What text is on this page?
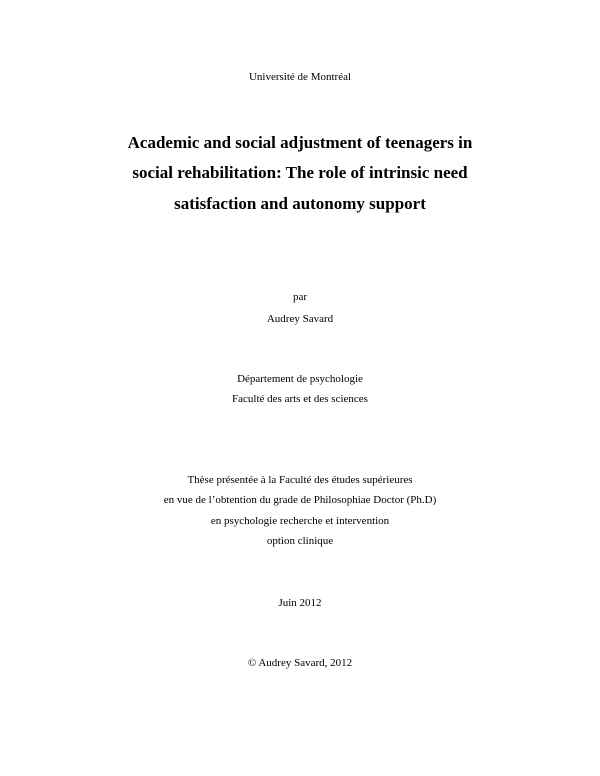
Université de Montréal
Academic and social adjustment of teenagers in
social rehabilitation: The role of intrinsic need
satisfaction and autonomy support
par
Audrey Savard
Département de psychologie
Faculté des arts et des sciences
Thèse présentée à la Faculté des études supérieures
en vue de l’obtention du grade de Philosophiae Doctor (Ph.D)
en psychologie recherche et intervention
option clinique
Juin 2012
© Audrey Savard, 2012
